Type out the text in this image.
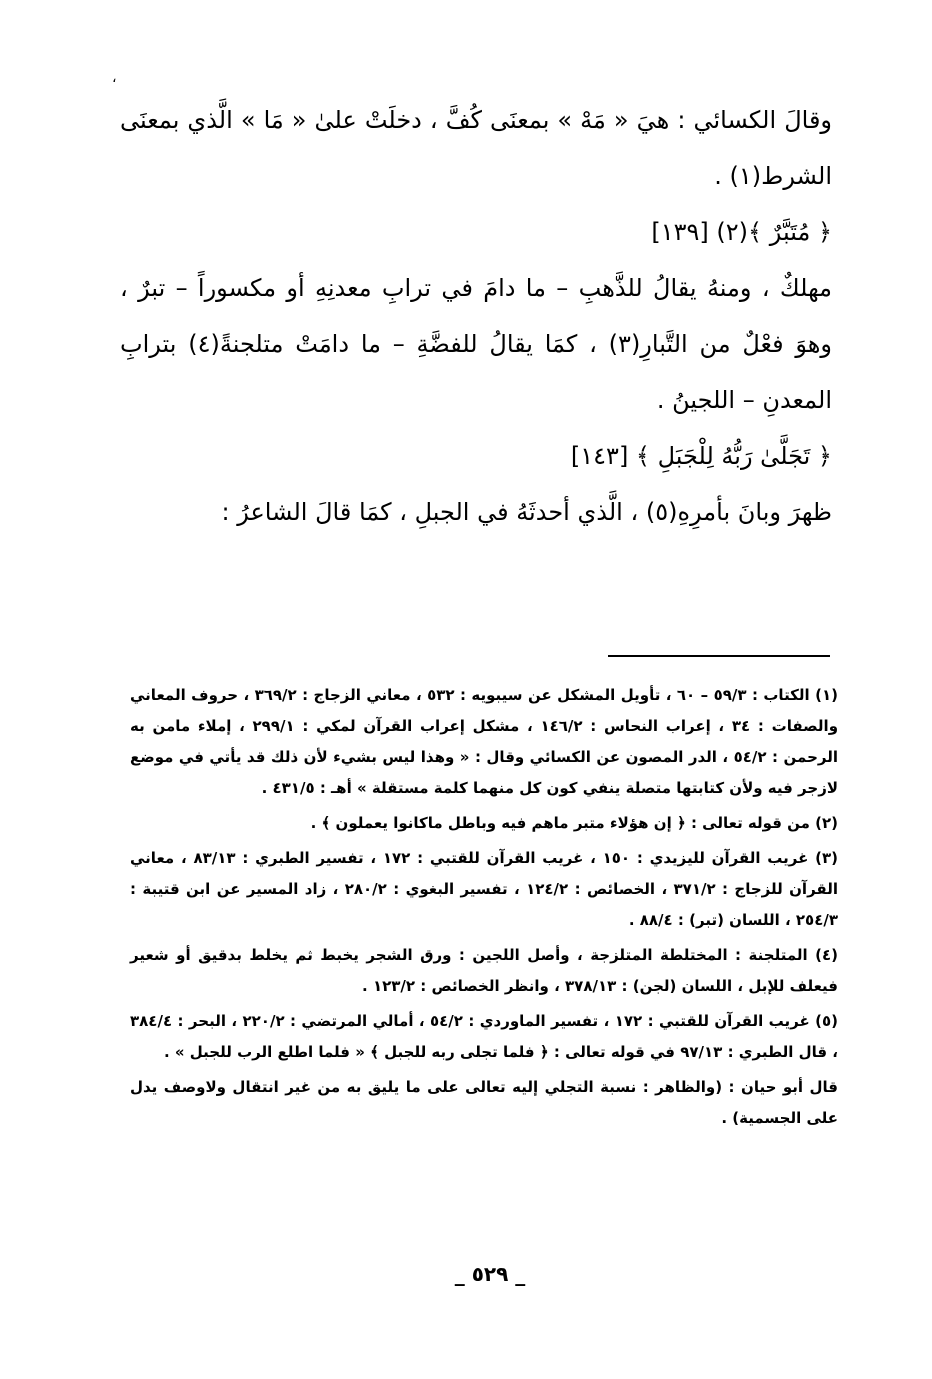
،

وقالَ الكسائي : هيَ « مَهْ » بمعنَى كُفَّ ، دخلَتْ علىٰ « مَا » الَّذي بمعنَى الشرط(١) .

﴿ مُتَبَّرٌ ﴾(٢) [١٣٩]

مهلكٌ ، ومنهُ يقالُ للذَّهبِ – ما دامَ في ترابِ معدنِهِ أو مكسوراً – تبرٌ ، وهوَ فعْلٌ من التَّبارِ(٣) ، كمَا يقالُ للفضَّةِ – ما دامَتْ متلجنةً(٤) بترابِ المعدنِ – اللجينُ .

﴿ تَجَلَّىٰ رَبُّهُ لِلْجَبَلِ ﴾ [١٤٣]

ظهرَ وبانَ بأمرِهِ(٥) ، الَّذي أحدثَهُ في الجبلِ ، كمَا قالَ الشاعرُ :

(١) الكتاب : ٥٩/٣ – ٦٠ ، تأويل المشكل عن سيبويه : ٥٣٢ ، معاني الزجاج : ٣٦٩/٢ ، حروف المعاني والصفات : ٣٤ ، إعراب النحاس : ١٤٦/٢ ، مشكل إعراب القرآن لمكي : ٢٩٩/١ ، إملاء مامن به الرحمن : ٥٤/٢ ، الدر المصون عن الكسائي وقال : « وهذا ليس بشيء لأن ذلك قد يأتي في موضع لازجر فيه ولأن كتابتها متصلة ينفي كون كل منهما كلمة مستقلة » أهـ : ٤٣١/٥ .

(٢) من قوله تعالى : ﴿ إن هؤلاء متبر ماهم فيه وباطل ماكانوا يعملون ﴾ .

(٣) غريب القرآن لليزيدي : ١٥٠ ، غريب القرآن للقتبي : ١٧٢ ، تفسير الطبري : ٨٣/١٣ ، معاني القرآن للزجاج : ٣٧١/٢ ، الخصائص : ١٢٤/٢ ، تفسير البغوي : ٢٨٠/٢ ، زاد المسير عن ابن قتيبة : ٢٥٤/٣ ، اللسان (تبر) : ٨٨/٤ .

(٤) المتلجنة : المختلطة المتلزجة ، وأصل اللجين : ورق الشجر يخبط ثم يخلط بدقيق أو شعير فيعلف للإبل ، اللسان (لجن) : ٣٧٨/١٣ ، وانظر الخصائص : ١٢٣/٢ .

(٥) غريب القرآن للقتبي : ١٧٢ ، تفسير الماوردي : ٥٤/٢ ، أمالي المرتضي : ٢٢٠/٢ ، البحر : ٣٨٤/٤ ، قال الطبري : ٩٧/١٣ في قوله تعالى : ﴿ فلما تجلى ربه للجبل ﴾ « فلما اطلع الرب للجبل » .

قال أبو حيان : (والظاهر : نسبة التجلي إليه تعالى على ما يليق به من غير انتقال ولاوصف يدل على الجسمية) .

_ ٥٢٩ _
